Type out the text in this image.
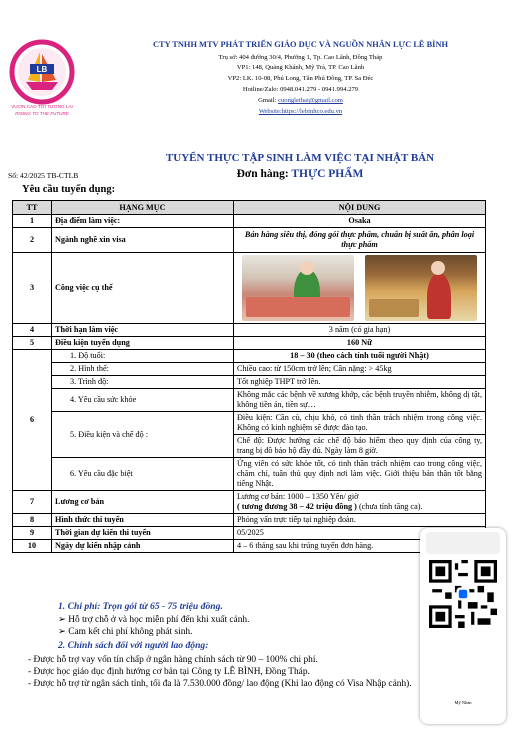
LB
VƯƠN CAO TỚI TƯƠNG LAI
RISING TO THE FUTURE
CTY TNHH MTV PHÁT TRIỂN GIÁO DỤC VÀ NGUỒN NHÂN LỰC LÊ BÌNH
Trụ sở: 404 đường 30/4, Phường 1, Tp. Cao Lãnh, Đồng Tháp
VP1: 148, Quảng Khánh, Mỹ Trà, TP. Cao Lãnh
VP2: LK. 10-08, Phú Long, Tân Phú Đông, TP. Sa Đéc
Hotline/Zalo: 0948.041.279 - 0941.994.279
Gmail: cuonglethai@gmail.com
Website:https://lebinhco.edu.vn
TUYỂN THỰC TẬP SINH LÀM VIỆC TẠI NHẬT BẢN
Đơn hàng: THỰC PHẨM
Số: 42/2025 TB-CTLB
Yêu cầu tuyển dụng:
TT	HẠNG MỤC	NỘI DUNG
1	Địa điểm làm việc:	Osaka
2	Ngành nghề xin visa	Bán hàng siêu thị, đóng gói thực phẩm, chuẩn bị suất ăn, phân loại thực phẩm
3	Công việc cụ thể	

4	Thời hạn làm việc	3 năm (có gia hạn)
5	Điều kiện tuyển dụng	160 Nữ
6	1. Độ tuổi:	18 – 30 (theo cách tính tuổi người Nhật)
	2. Hình thể:	Chiều cao: từ 150cm trở lên; Cân nặng: > 45kg
	3. Trình độ:	Tốt nghiệp THPT trở lên.
	4. Yêu cầu sức khỏe	Không mắc các bệnh về xương khớp, các bệnh truyền nhiễm, không dị tật, không tiền án, tiền sự…
	5. Điều kiện và chế độ :	Điều kiện: Cần cù, chịu khó, có tinh thần trách nhiệm trong công việc. Không có kinh nghiệm sẽ được đào tạo.
		Chế độ: Được hưởng các chế độ bảo hiểm theo quy định của công ty, trang bị đồ bảo hộ đầy đủ. Ngày làm 8 giờ.
	6. Yêu cầu đặc biệt	Ứng viên có sức khỏe tốt, có tinh thần trách nhiệm cao trong công việc, chăm chỉ, tuân thủ quy định nơi làm việc. Giới thiệu bản thân tốt bằng tiếng Nhật.
7	Lương cơ bản	Lương cơ bản: 1000 – 1350 Yên/ giờ
( tương đương 38 – 42 triệu đồng ) (chưa tính tăng ca).

8	Hình thức thi tuyển	Phỏng vấn trực tiếp tại nghiệp đoàn.
9	Thời gian dự kiến thi tuyển	05/2025
10	Ngày dự kiến nhập cảnh	4 – 6 tháng sau khi trúng tuyển đơn hàng.
Mỹ Nhàn
1. Chi phí: Trọn gói từ 65 - 75 triệu đồng.
➢ Hỗ trợ chỗ ở và học miễn phí đến khi xuất cảnh.
➢ Cam kết chi phí không phát sinh.
2. Chính sách đối với người lao động:
- Được hỗ trợ vay vốn tín chấp ở ngân hàng chính sách từ 90 – 100% chi phí.
- Được học giáo dục định hướng cơ bản tại Công ty LÊ BÌNH, Đồng Tháp.
- Được hỗ trợ từ ngân sách tỉnh, tối đa là 7.530.000 đồng/ lao động (Khi lao động có Visa Nhập cảnh).
